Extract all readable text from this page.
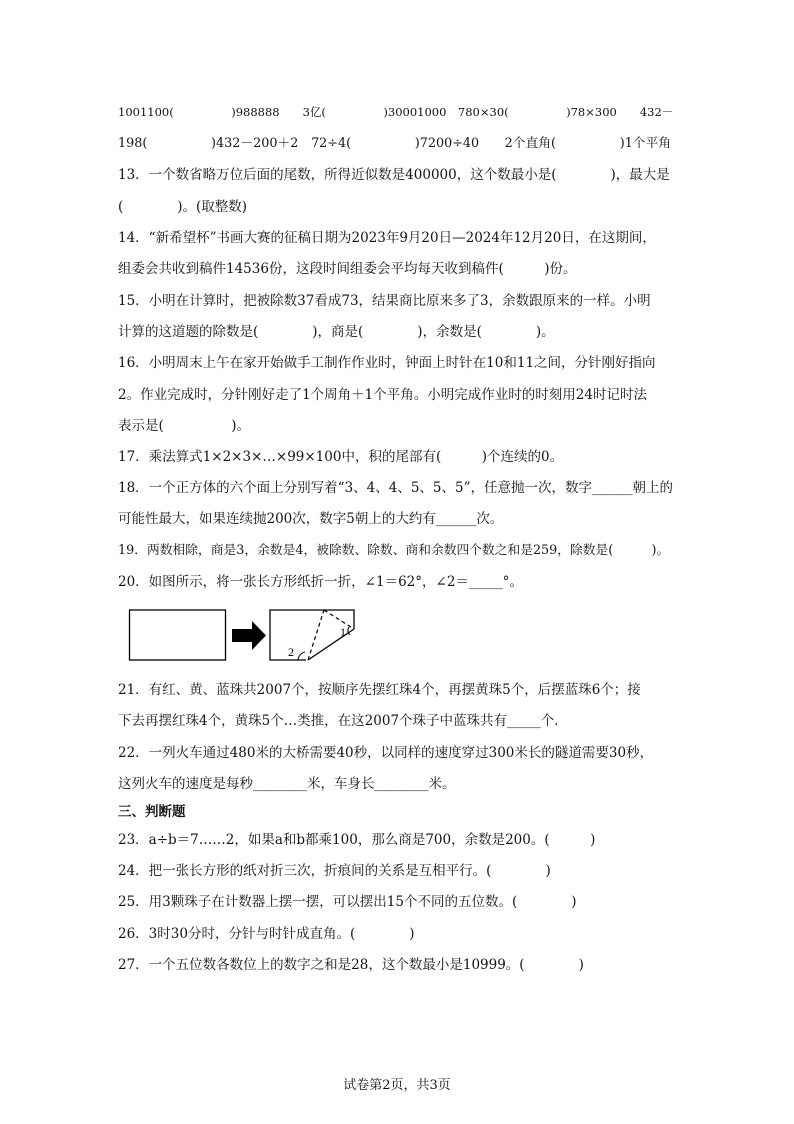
1001100(　　　　　)988888　　3亿(　　　　　)30001000　780×30(　　　　　)78×300　　432－
198(　　　　　)432－200＋2　72÷4(　　　　　)7200÷40　　2个直角(　　　　　)1个平角
13．一个数省略万位后面的尾数，所得近似数是400000，这个数最小是(　　　　)，最大是
(　　　　)。(取整数)
14．“新希望杯”书画大赛的征稿日期为2023年9月20日—2024年12月20日，在这期间，
组委会共收到稿件14536份，这段时间组委会平均每天收到稿件(　　　)份。
15．小明在计算时，把被除数37看成73，结果商比原来多了3，余数跟原来的一样。小明
计算的这道题的除数是(　　　　)，商是(　　　　)，余数是(　　　　)。
16．小明周末上午在家开始做手工制作作业时，钟面上时针在10和11之间，分针刚好指向
2。作业完成时，分针刚好走了1个周角＋1个平角。小明完成作业时的时刻用24时记时法
表示是(　　　　　)。
17．乘法算式1×2×3×…×99×100中，积的尾部有(　　　)个连续的0。
18．一个正方体的六个面上分别写着“3、4、4、5、5、5”，任意抛一次，数字______朝上的
可能性最大，如果连续抛200次，数字5朝上的大约有______次。
19．两数相除，商是3，余数是4，被除数、除数、商和余数四个数之和是259，除数是(　　　)。
20．如图所示，将一张长方形纸折一折，∠1＝62°，∠2＝_____°。
2
1
21．有红、黄、蓝珠共2007个，按顺序先摆红珠4个，再摆黄珠5个，后摆蓝珠6个；接
下去再摆红珠4个，黄珠5个…类推，在这2007个珠子中蓝珠共有_____个．
22．一列火车通过480米的大桥需要40秒，以同样的速度穿过300米长的隧道需要30秒，
这列火车的速度是每秒________米，车身长________米。
三、判断题
23．a÷b＝7……2，如果a和b都乘100，那么商是700，余数是200。(　　　)
24．把一张长方形的纸对折三次，折痕间的关系是互相平行。(　　　　)
25．用3颗珠子在计数器上摆一摆，可以摆出15个不同的五位数。(　　　　)
26．3时30分时，分针与时针成直角。(　　　　)
27．一个五位数各数位上的数字之和是28，这个数最小是10999。(　　　　)
试卷第2页，共3页
